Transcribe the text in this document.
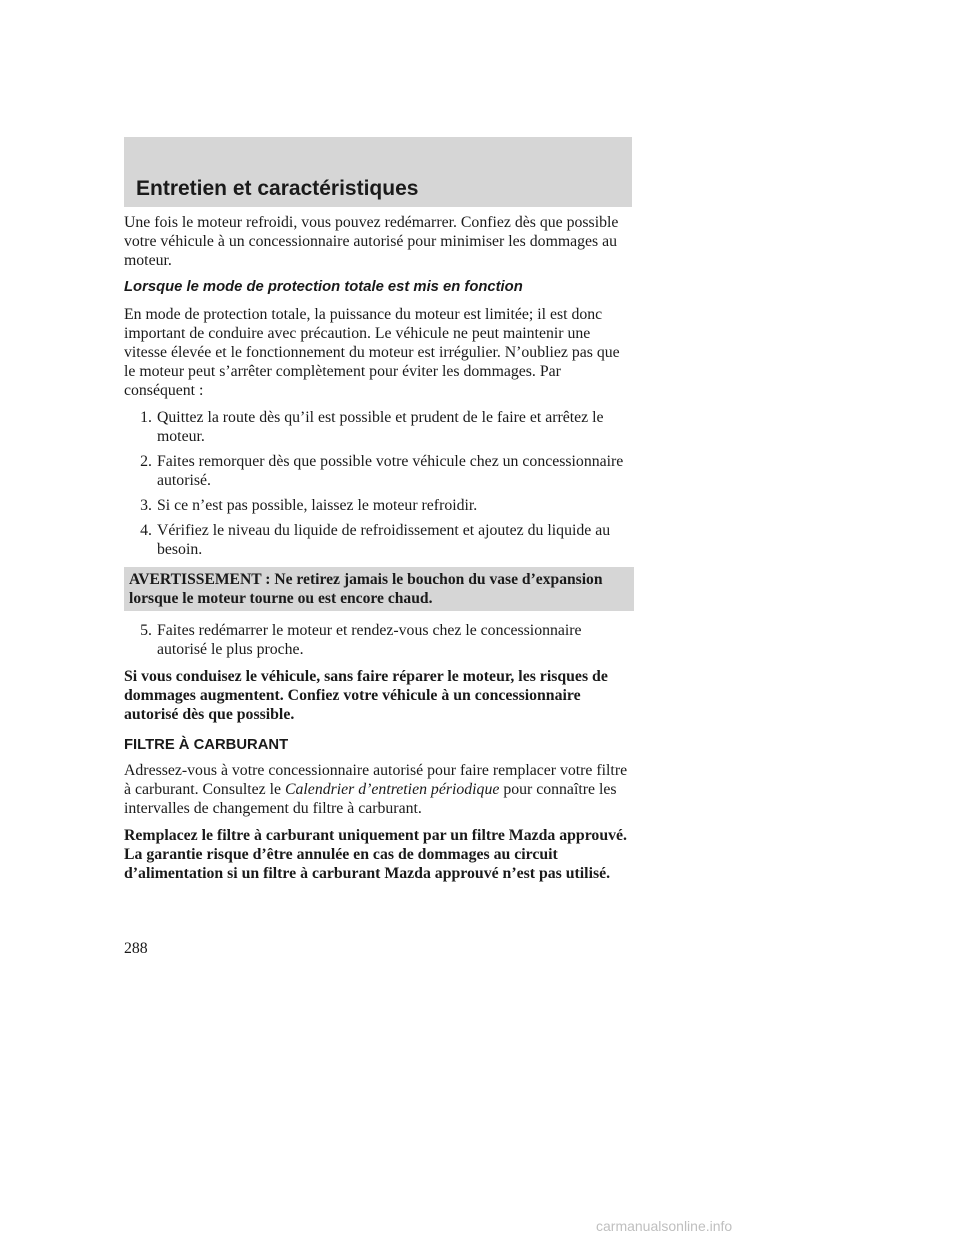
Entretien et caractéristiques

Une fois le moteur refroidi, vous pouvez redémarrer. Confiez dès que possible votre véhicule à un concessionnaire autorisé pour minimiser les dommages au moteur.

Lorsque le mode de protection totale est mis en fonction

En mode de protection totale, la puissance du moteur est limitée; il est donc important de conduire avec précaution. Le véhicule ne peut maintenir une vitesse élevée et le fonctionnement du moteur est irrégulier. N’oubliez pas que le moteur peut s’arrêter complètement pour éviter les dommages. Par conséquent :

1. Quittez la route dès qu’il est possible et prudent de le faire et arrêtez le moteur.
2. Faites remorquer dès que possible votre véhicule chez un concessionnaire autorisé.
3. Si ce n’est pas possible, laissez le moteur refroidir.
4. Vérifiez le niveau du liquide de refroidissement et ajoutez du liquide au besoin.
AVERTISSEMENT : Ne retirez jamais le bouchon du vase d’expansion lorsque le moteur tourne ou est encore chaud.
5. Faites redémarrer le moteur et rendez-vous chez le concessionnaire autorisé le plus proche.

Si vous conduisez le véhicule, sans faire réparer le moteur, les risques de dommages augmentent. Confiez votre véhicule à un concessionnaire autorisé dès que possible.

FILTRE À CARBURANT

Adressez-vous à votre concessionnaire autorisé pour faire remplacer votre filtre à carburant. Consultez le Calendrier d’entretien périodique pour connaître les intervalles de changement du filtre à carburant.

Remplacez le filtre à carburant uniquement par un filtre Mazda approuvé. La garantie risque d’être annulée en cas de dommages au circuit d’alimentation si un filtre à carburant Mazda approuvé n’est pas utilisé.

288
carmanualsonline.info
